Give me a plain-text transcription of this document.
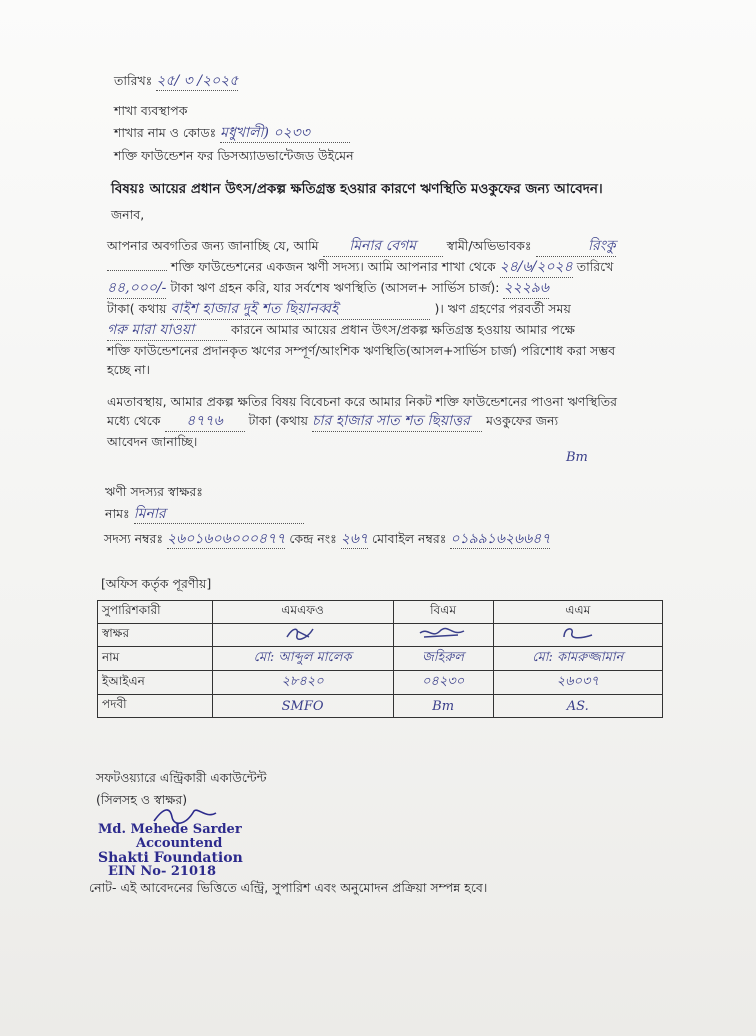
তারিখঃ ২৫/ ৩ /২০২৫
শাখা ব্যবস্থাপক
শাখার নাম ও কোডঃ মধুখালী) ০২৩৩
শক্তি ফাউন্ডেশন ফর ডিসঅ্যাডভান্টেজড উইমেন
বিষয়ঃ আয়ের প্রধান উৎস/প্রকল্প ক্ষতিগ্রস্ত হওয়ার কারণে ঋণস্থিতি মওকুফের জন্য আবেদন।
জনাব,
আপনার অবগতির জন্য জানাচ্ছি যে, আমি মিনার বেগম স্বামী/অভিভাবকঃ	রিংকু
শক্তি ফাউন্ডেশনের একজন ঋণী সদস্য। আমি আপনার শাখা থেকে ২৪/৬/২০২৪ তারিখে
৪৪,০০০/- টাকা ঋণ গ্রহন করি, যার সর্বশেষ ঋণস্থিতি (আসল+ সার্ভিস চার্জ): ২২২৯৬
টাকা( কথায় বাইশ হাজার দুই শত ছিয়ানব্বই	)। ঋণ গ্রহণের পরবর্তী সময়
গরু মারা যাওয়া	কারনে আমার আয়ের প্রধান উৎস/প্রকল্প ক্ষতিগ্রস্ত হওয়ায় আমার পক্ষে
শক্তি ফাউন্ডেশনের প্রদানকৃত ঋণের সম্পূর্ণ/আংশিক ঋণস্থিতি(আসল+সার্ভিস চার্জ) পরিশোধ করা সম্ভব
হচ্ছে না।
এমতাবস্থায়, আমার প্রকল্প ক্ষতির বিষয় বিবেচনা করে আমার নিকট শক্তি ফাউন্ডেশনের পাওনা ঋণস্থিতির
মধ্যে থেকে ৪৭৭৬ টাকা (কথায় চার হাজার সাত শত ছিয়াত্তর মওকুফের জন্য
আবেদন জানাচ্ছি।
Bm
ঋণী সদস্যর স্বাক্ষরঃ
নামঃ মিনার
সদস্য নম্বরঃ ২৬০১৬০৬০০০৪৭৭ কেন্দ্র নংঃ ২৬৭ মোবাইল নম্বরঃ ০১৯৯১৬২৬৬৪৭
[অফিস কর্তৃক পূরণীয়]
সুপারিশকারী	এমএফও	বিএম	এএম
স্বাক্ষর			
নাম	মো: আব্দুল মালেক	জহিরুল	মো: কামরুজ্জামান
ইআইএন	২৮৪২০	০৪২৩০	২৬০৩৭
পদবী	SMFO	Bm	AS.
সফটওয়্যারে এন্ট্রিকারী একাউন্টেন্ট
(সিলসহ ও স্বাক্ষর)
Md. Mehede Sarder
Accountend
Shakti Foundation
EIN No- 21018
নোট- এই আবেদনের ভিত্তিতে এন্ট্রি, সুপারিশ এবং অনুমোদন প্রক্রিয়া সম্পন্ন হবে।
